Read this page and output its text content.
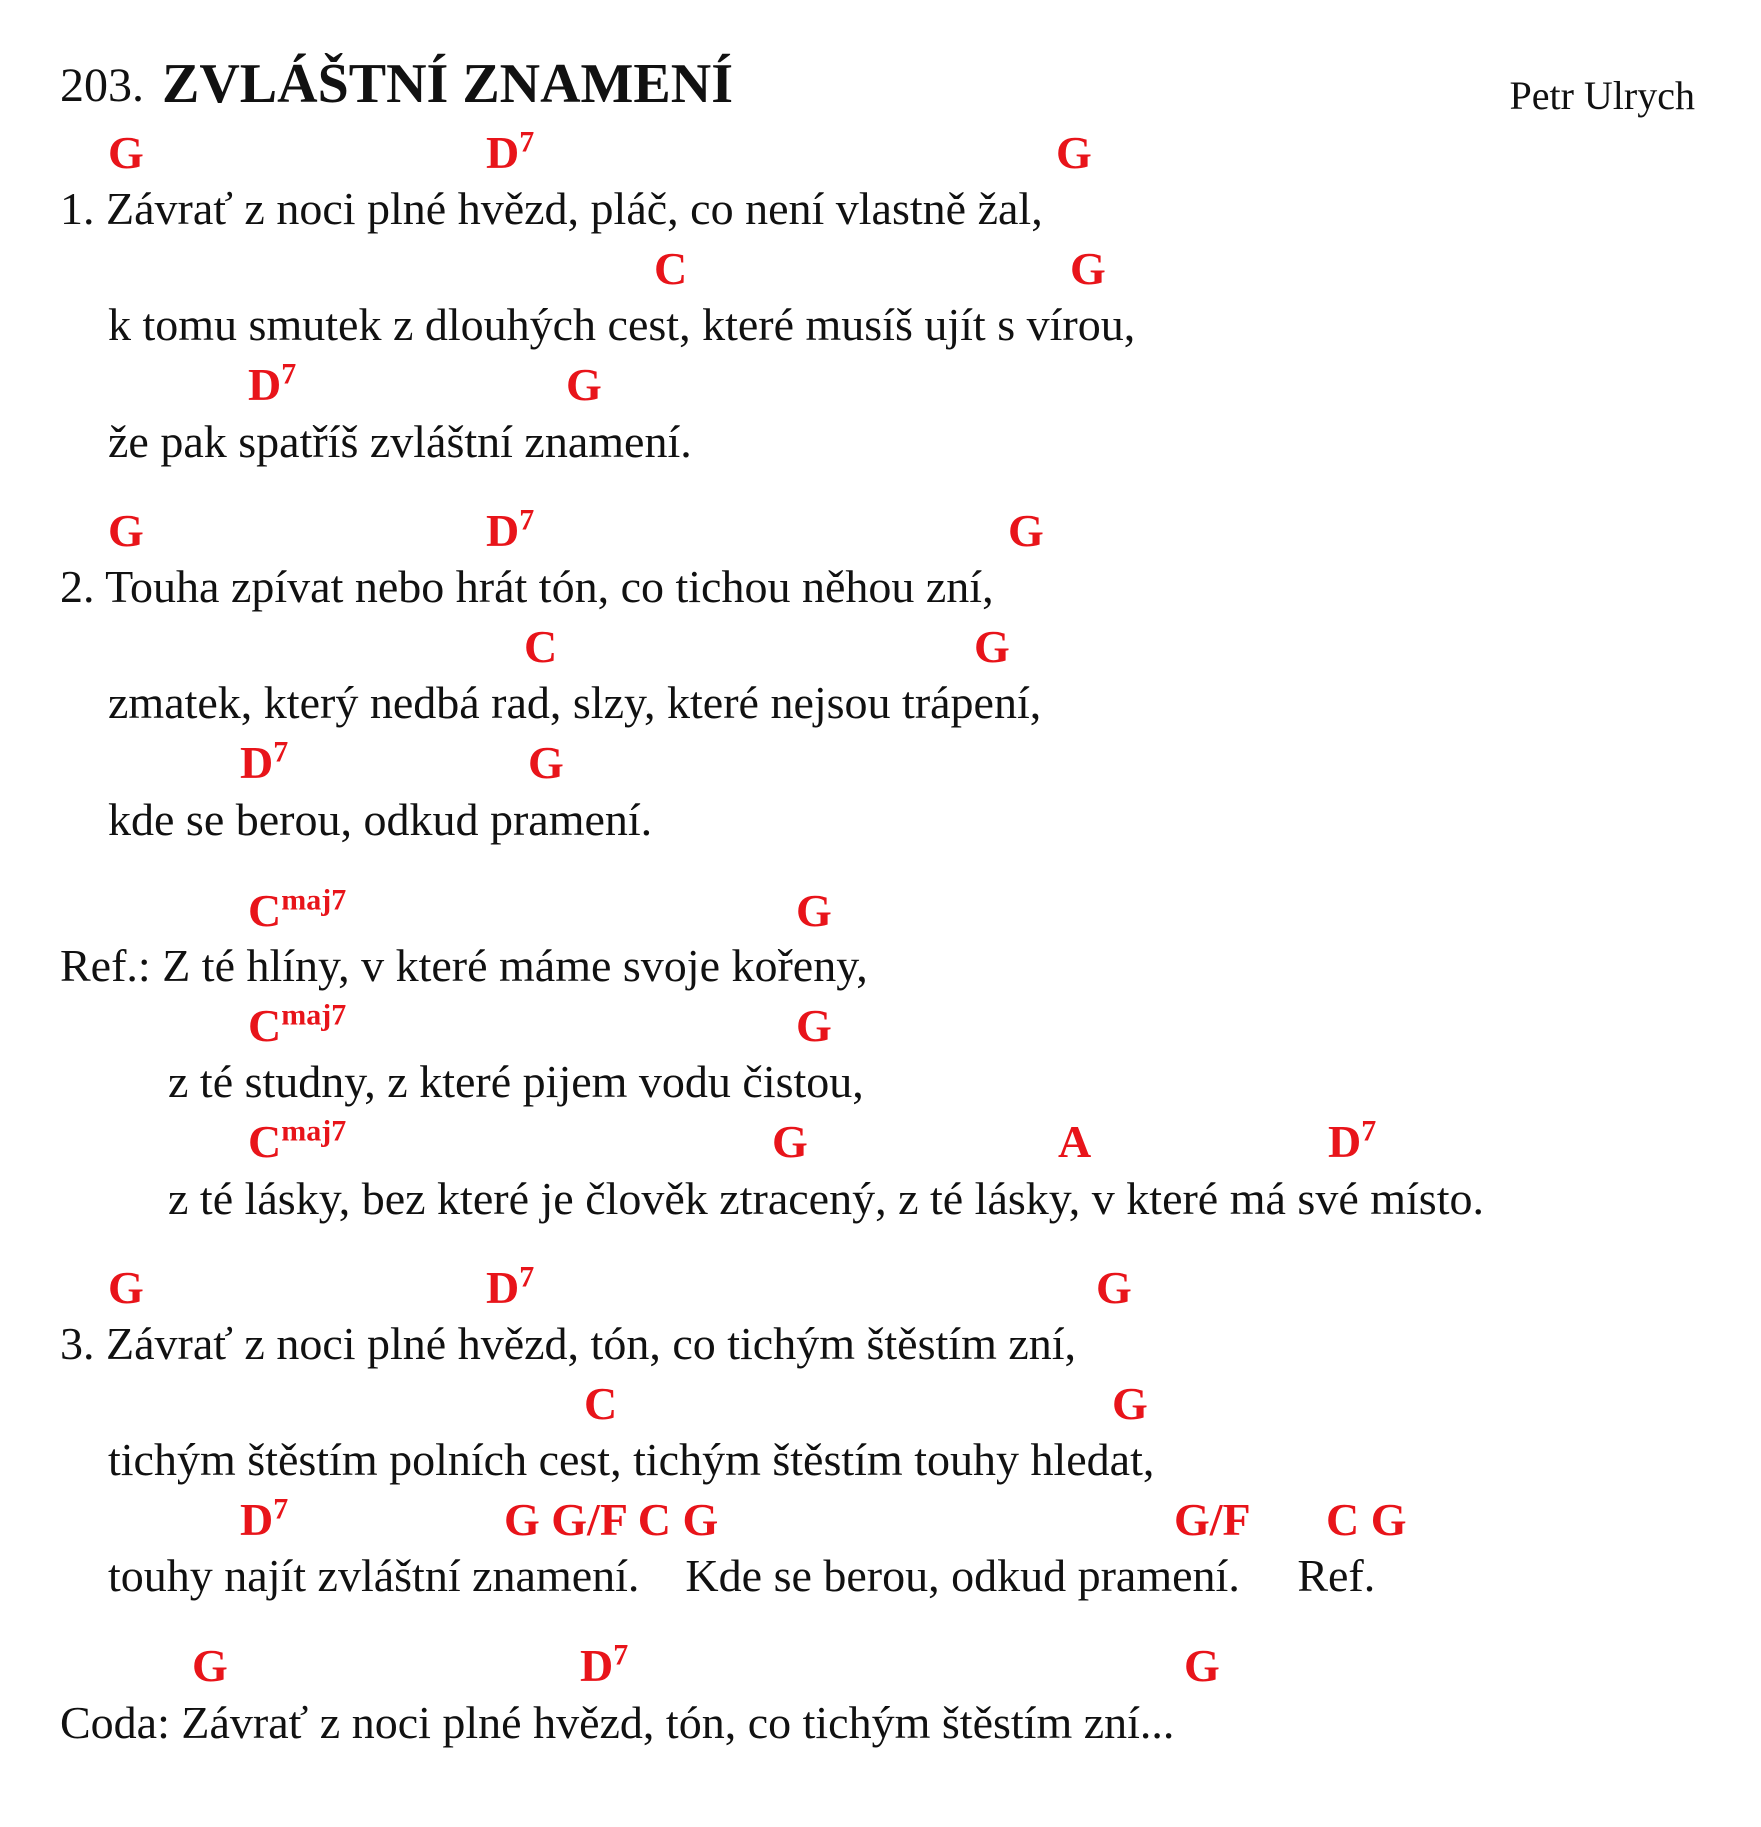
203. ZVLÁŠTNÍ ZNAMENÍ	Petr Ulrych
1. Závrať z noci plné hvězd, pláč, co není vlastně žal,
k tomu smutek z dlouhých cest, které musíš ujít s vírou,
že pak spatříš zvláštní znamení.
2. Touha zpívat nebo hrát tón, co tichou něhou zní,
zmatek, který nedbá rad, slzy, které nejsou trápení,
kde se berou, odkud pramení.
Ref.: Z té hlíny, v které máme svoje kořeny,
z té studny, z které pijem vodu čistou,
z té lásky, bez které je člověk ztracený, z té lásky, v které má své místo.
3. Závrať z noci plné hvězd, tón, co tichým štěstím zní,
tichým štěstím polních cest, tichým štěstím touhy hledat,
touhy najít zvláštní znamení.    Kde se berou, odkud pramení.     Ref.
Coda: Závrať z noci plné hvězd, tón, co tichým štěstím zní...
G	$D^7$	G
C	G
$D^7$	G
G	$D^7$	G
C	G
$D^7$	G
$C^{maj7}$	G
$C^{maj7}$	G
$C^{maj7}$	G	A	$D^7$
G	$D^7$	G
C	G
$D^7$	G G/F C G	G/F C G
G	$D^7$	G
